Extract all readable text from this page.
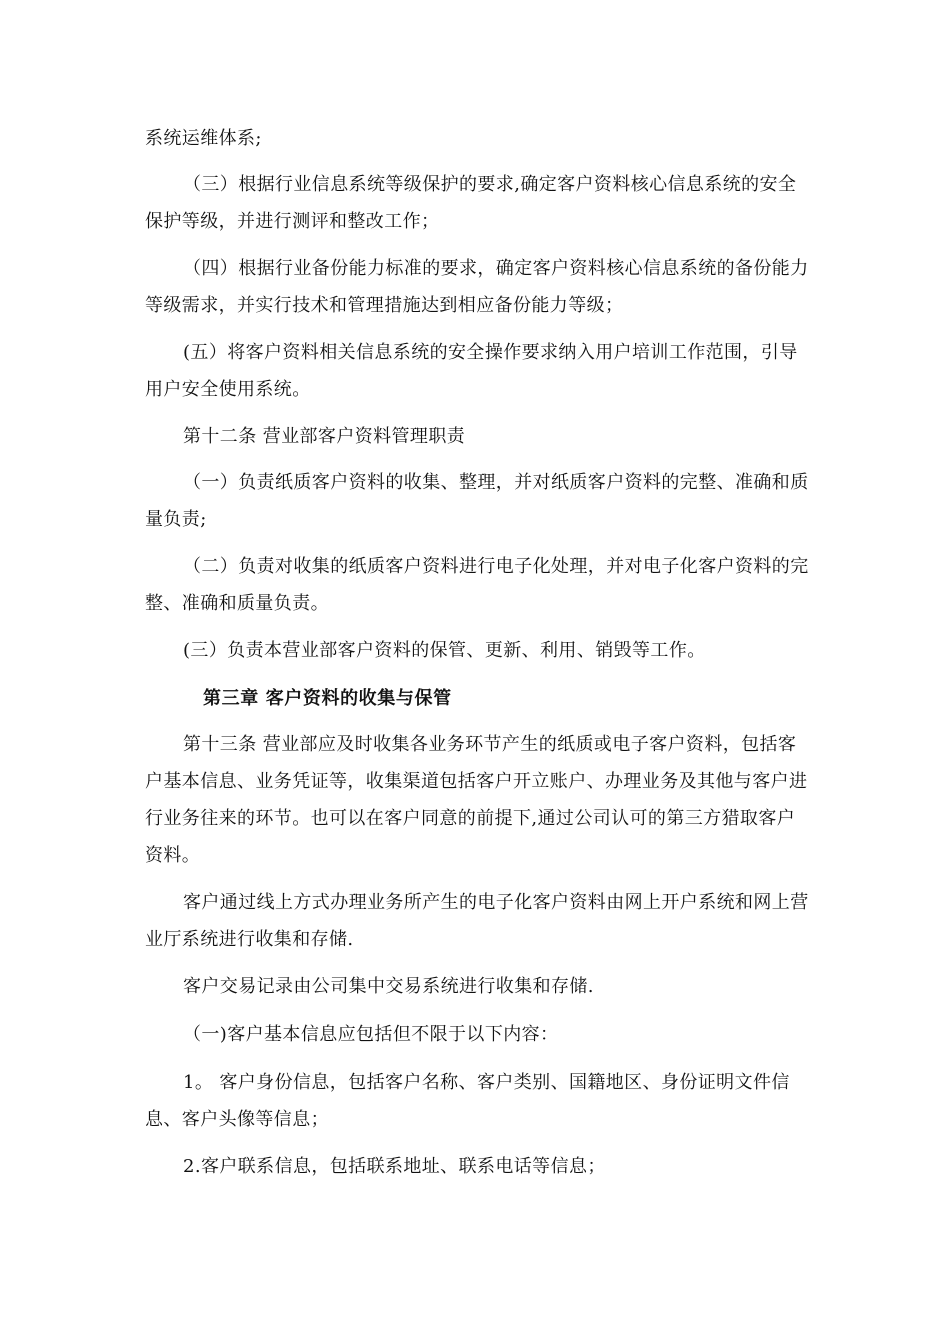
系统运维体系;

（三）根据行业信息系统等级保护的要求,确定客户资料核心信息系统的安全保护等级，并进行测评和整改工作；

（四）根据行业备份能力标准的要求，确定客户资料核心信息系统的备份能力等级需求，并实行技术和管理措施达到相应备份能力等级；

(五）将客户资料相关信息系统的安全操作要求纳入用户培训工作范围，引导用户安全使用系统。

第十二条 营业部客户资料管理职责

（一）负责纸质客户资料的收集、整理，并对纸质客户资料的完整、准确和质量负责;

（二）负责对收集的纸质客户资料进行电子化处理，并对电子化客户资料的完整、准确和质量负责。

(三）负责本营业部客户资料的保管、更新、利用、销毁等工作。

第三章 客户资料的收集与保管

第十三条 营业部应及时收集各业务环节产生的纸质或电子客户资料，包括客户基本信息、业务凭证等，收集渠道包括客户开立账户、办理业务及其他与客户进行业务往来的环节。也可以在客户同意的前提下,通过公司认可的第三方猎取客户资料。

客户通过线上方式办理业务所产生的电子化客户资料由网上开户系统和网上营业厅系统进行收集和存储.

客户交易记录由公司集中交易系统进行收集和存储.

（一)客户基本信息应包括但不限于以下内容：

1。 客户身份信息，包括客户名称、客户类别、国籍地区、身份证明文件信息、客户头像等信息；

2.客户联系信息，包括联系地址、联系电话等信息；
